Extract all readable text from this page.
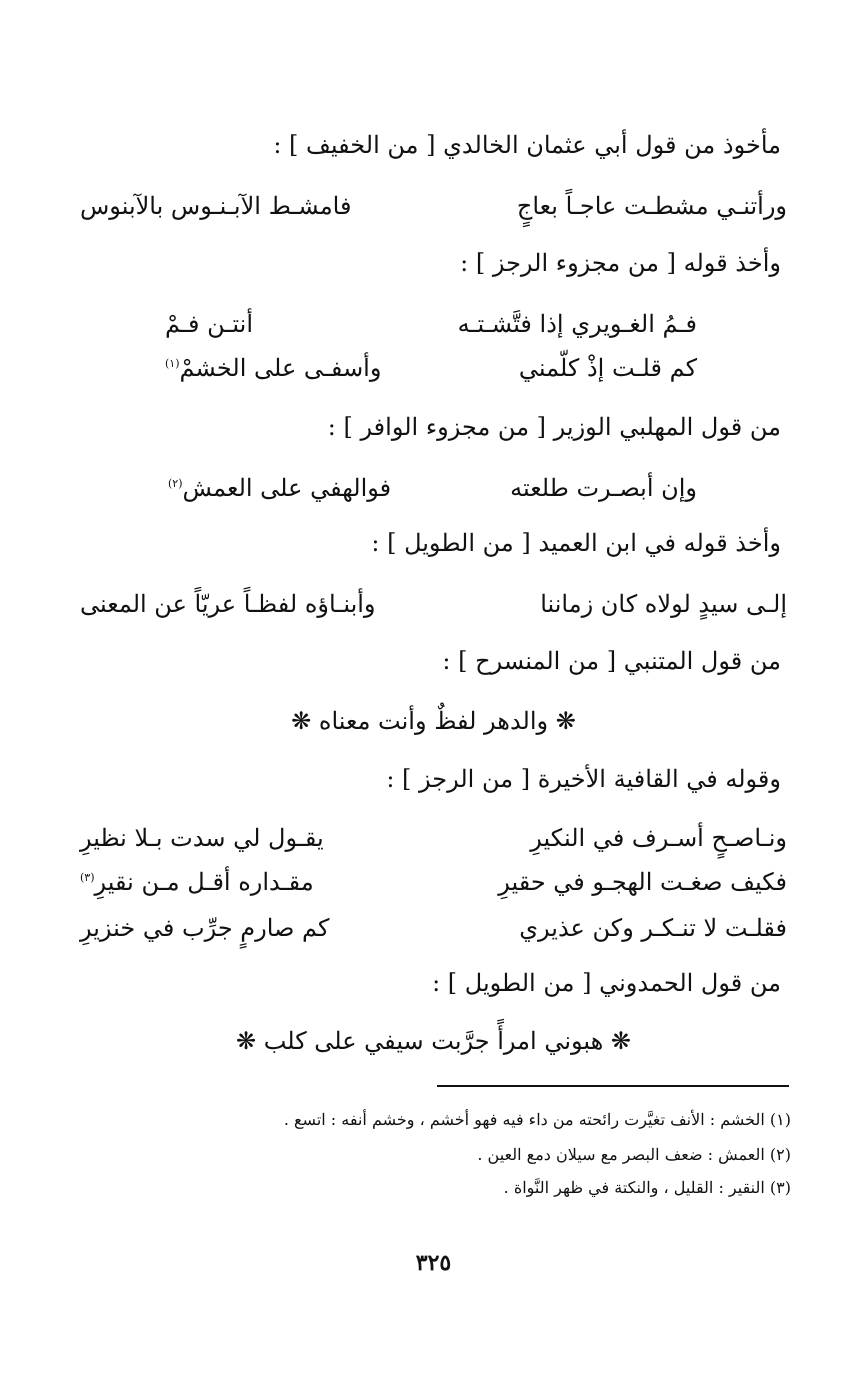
مأخوذ من قول أبي عثمان الخالدي [ من الخفيف ] :
ورأتنـي مشطـت عاجـاً بعاجٍ
فامشـط الآبـنـوس بالآبنوس
وأخذ قوله [ من مجزوء الرجز ] :
فـمُ الغـويري إذا فتَّشـتـه
أنتـن فـمْ
كم قلـت إذْ كلّمني
وأسفـى على الخشمْ$^{(١)}$
من قول المهلبي الوزير [ من مجزوء الوافر ] :
وإن أبصـرت طلعته
فوالهفي على العمش$^{(٢)}$
وأخذ قوله في ابن العميد [ من الطويل ] :
إلـى سيدٍ لولاه كان زماننا
وأبنـاؤه لفظـاً عريّاً عن المعنى
من قول المتنبي [ من المنسرح ] :
❋ والدهر لفظٌ وأنت معناه ❋
وقوله في القافية الأخيرة [ من الرجز ] :
ونـاصـحٍ أسـرف في النكيرِ
يقـول لي سدت بـلا نظيرِ
فكيف صغـت الهجـو في حقيرِ
مقـداره أقـل مـن نقيرِ$^{(٣)}$
فقلـت لا تنـكـر وكن عذيري
كم صارمٍ جرِّب في خنزيرِ
من قول الحمدوني [ من الطويل ] :
❋ هبوني امرأً جرَّبت سيفي على كلب ❋
(١) الخشم : الأنف تغيَّرت رائحته من داء فيه فهو أخشم ، وخشم أنفه : اتسع .
(٢) العمش : ضعف البصر مع سيلان دمع العين .
(٣) النقير : القليل ، والنكتة في ظهر النَّواة .
٣٢٥
